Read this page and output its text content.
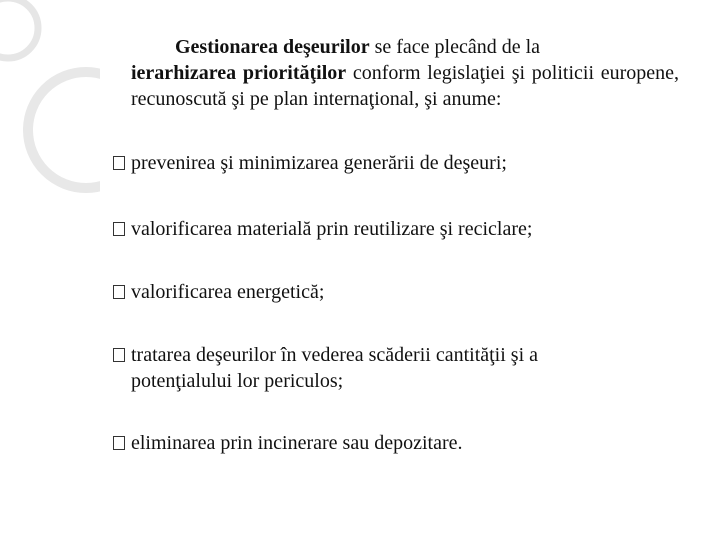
Gestionarea deşeurilor se face plecând de la
ierarhizarea priorităţilor conform legislaţiei şi politicii europene, recunoscută şi pe plan internaţional, şi anume:
prevenirea şi minimizarea generării de deşeuri;
valorificarea materială prin reutilizare şi reciclare;
valorificarea energetică;
tratarea deşeurilor în vederea scăderii cantităţii şi a
potenţialului lor periculos;
eliminarea prin incinerare sau depozitare.
